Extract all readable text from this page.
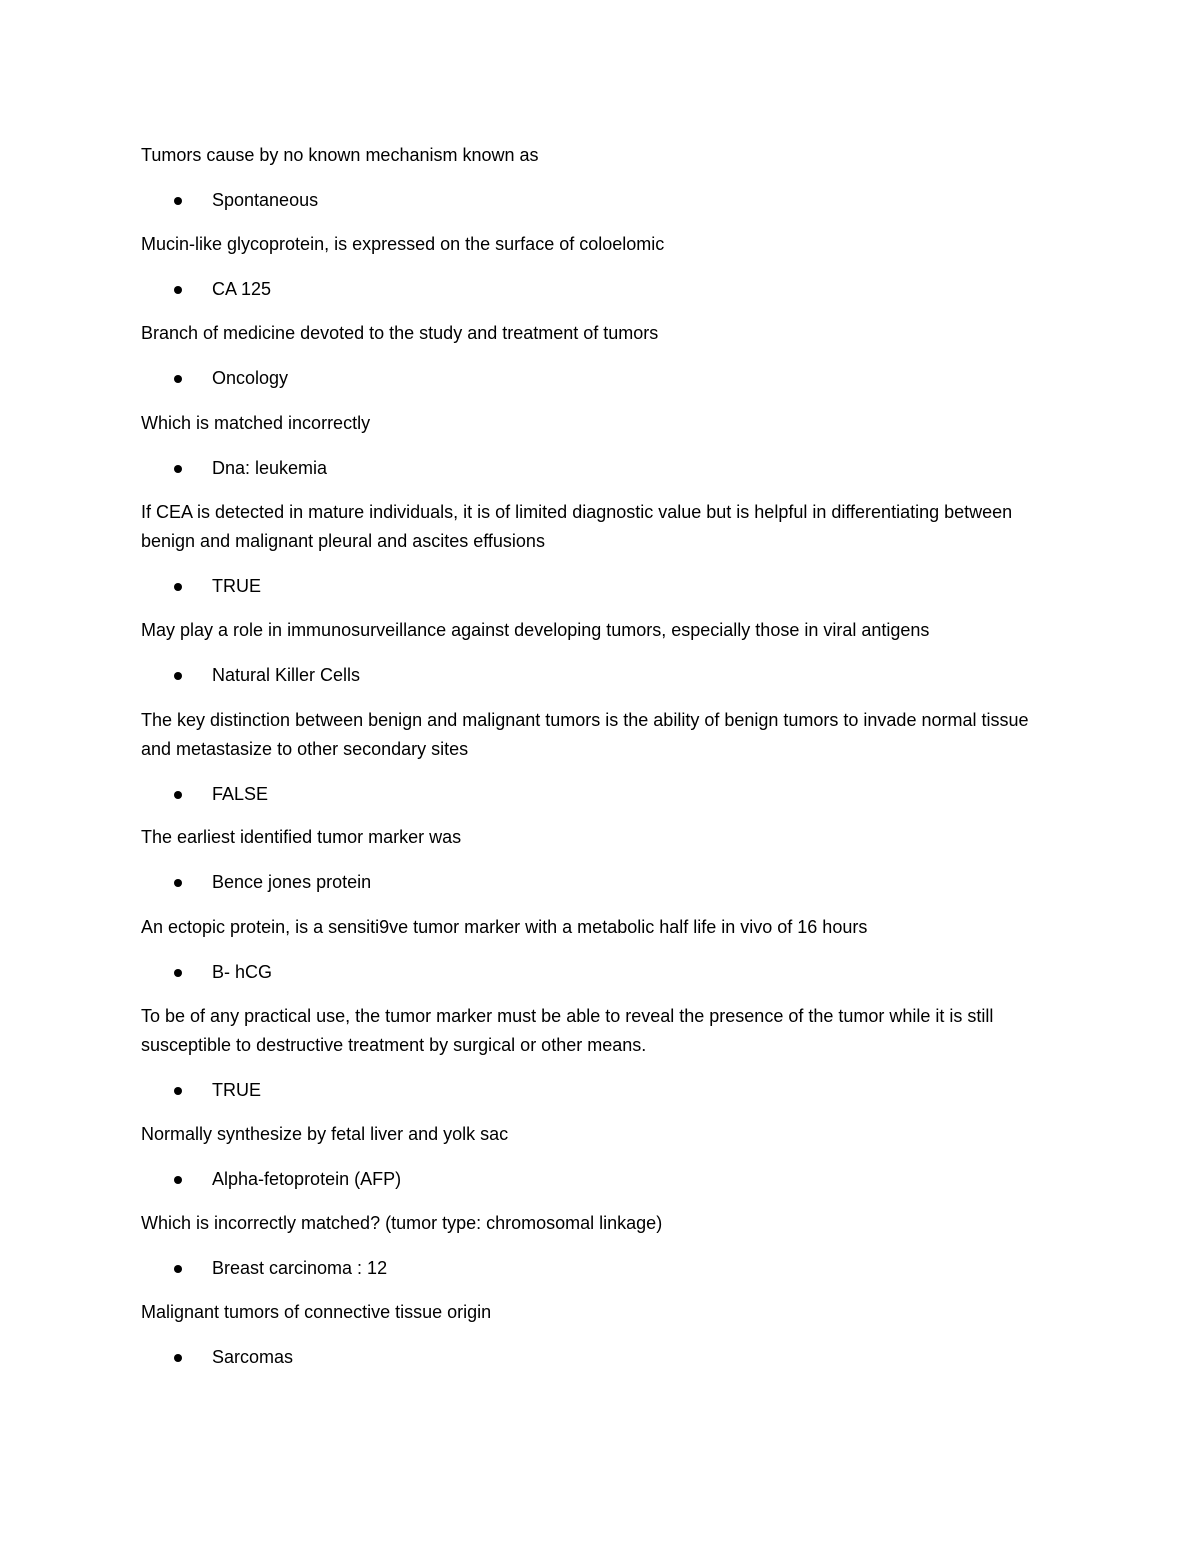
Tumors cause by no known mechanism known as

Spontaneous

Mucin-like glycoprotein, is expressed on the surface of coloelomic

CA 125

Branch of medicine devoted to the study and treatment of tumors

Oncology

Which is matched incorrectly

Dna: leukemia

If CEA is detected in mature individuals, it is of limited diagnostic value but is helpful in differentiating between benign and malignant pleural and ascites effusions

TRUE

May play a role in immunosurveillance against developing tumors, especially those in viral antigens

Natural Killer Cells

The key distinction between benign and malignant tumors is the ability of benign tumors to invade normal tissue and metastasize to other secondary sites

FALSE

The earliest identified tumor marker was

Bence jones protein

An ectopic protein, is a sensiti9ve tumor marker with a metabolic half life in vivo of 16 hours

B- hCG

To be of any practical use, the tumor marker must be able to reveal the presence of the tumor while it is still susceptible to destructive treatment by surgical or other means.

TRUE

Normally synthesize by fetal liver and yolk sac

Alpha-fetoprotein (AFP)

Which is incorrectly matched? (tumor type: chromosomal linkage)

Breast carcinoma : 12

Malignant tumors of connective tissue origin

Sarcomas
